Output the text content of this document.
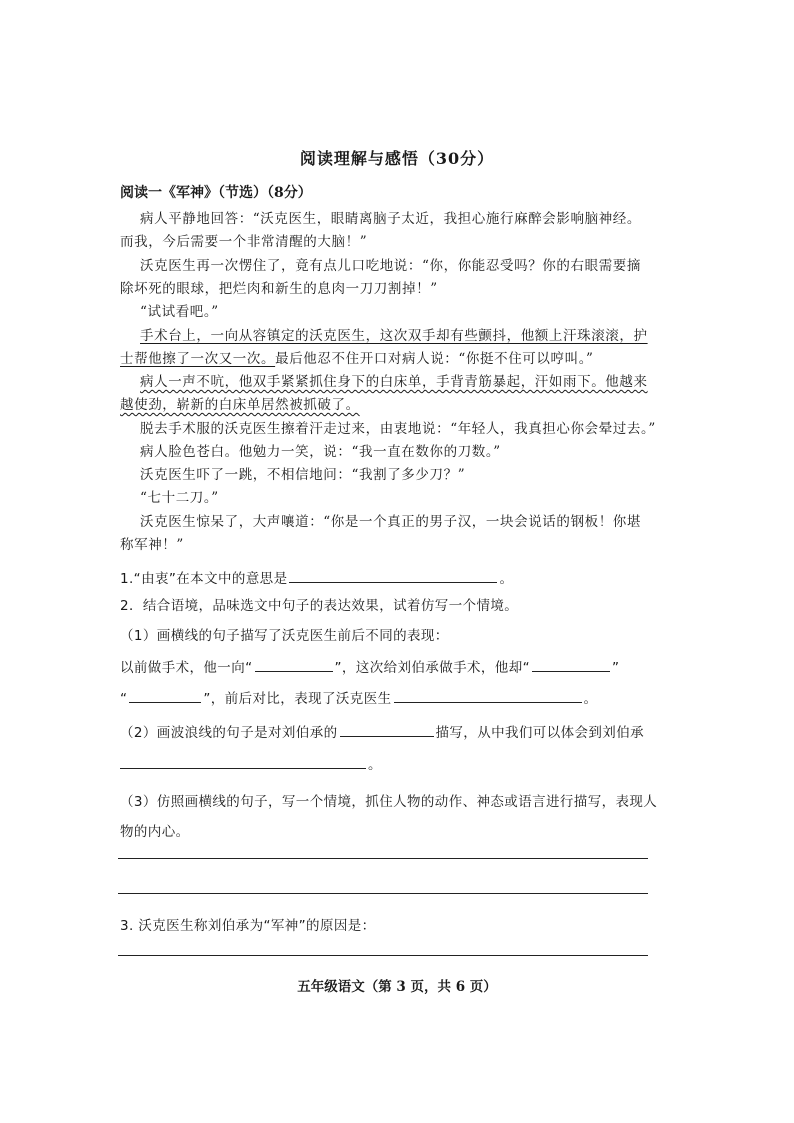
阅读理解与感悟（30分）
阅读一《军神》（节选）（8分）
病人平静地回答：“沃克医生，眼睛离脑子太近，我担心施行麻醉会影响脑神经。
而我，今后需要一个非常清醒的大脑！”
沃克医生再一次愣住了，竟有点儿口吃地说：“你，你能忍受吗？你的右眼需要摘
除坏死的眼球，把烂肉和新生的息肉一刀刀割掉！”
“试试看吧。”
手术台上，一向从容镇定的沃克医生，这次双手却有些颤抖，他额上汗珠滚滚，护
士帮他擦了一次又一次。最后他忍不住开口对病人说：“你挺不住可以哼叫。”
病人一声不吭，他双手紧紧抓住身下的白床单，手背青筋暴起，汗如雨下。他越来
越使劲，崭新的白床单居然被抓破了。
脱去手术服的沃克医生擦着汗走过来，由衷地说：“年轻人，我真担心你会晕过去。”
病人脸色苍白。他勉力一笑，说：“我一直在数你的刀数。”
沃克医生吓了一跳，不相信地问：“我割了多少刀？”
“七十二刀。”
沃克医生惊呆了，大声嚷道：“你是一个真正的男子汉，一块会说话的钢板！你堪
称军神！”
1.“由衷”在本文中的意思是	。
2．结合语境，品味选文中句子的表达效果，试着仿写一个情境。
（1）画横线的句子描写了沃克医生前后不同的表现：
以前做手术，他一向“	”，这次给刘伯承做手术，他却“	”
“	”，前后对比，表现了沃克医生	。
（2）画波浪线的句子是对刘伯承的	描写，从中我们可以体会到刘伯承
。
（3）仿照画横线的句子，写一个情境，抓住人物的动作、神态或语言进行描写，表现人
物的内心。
3. 沃克医生称刘伯承为“军神”的原因是：
五年级语文（第 3 页，共 6 页）
